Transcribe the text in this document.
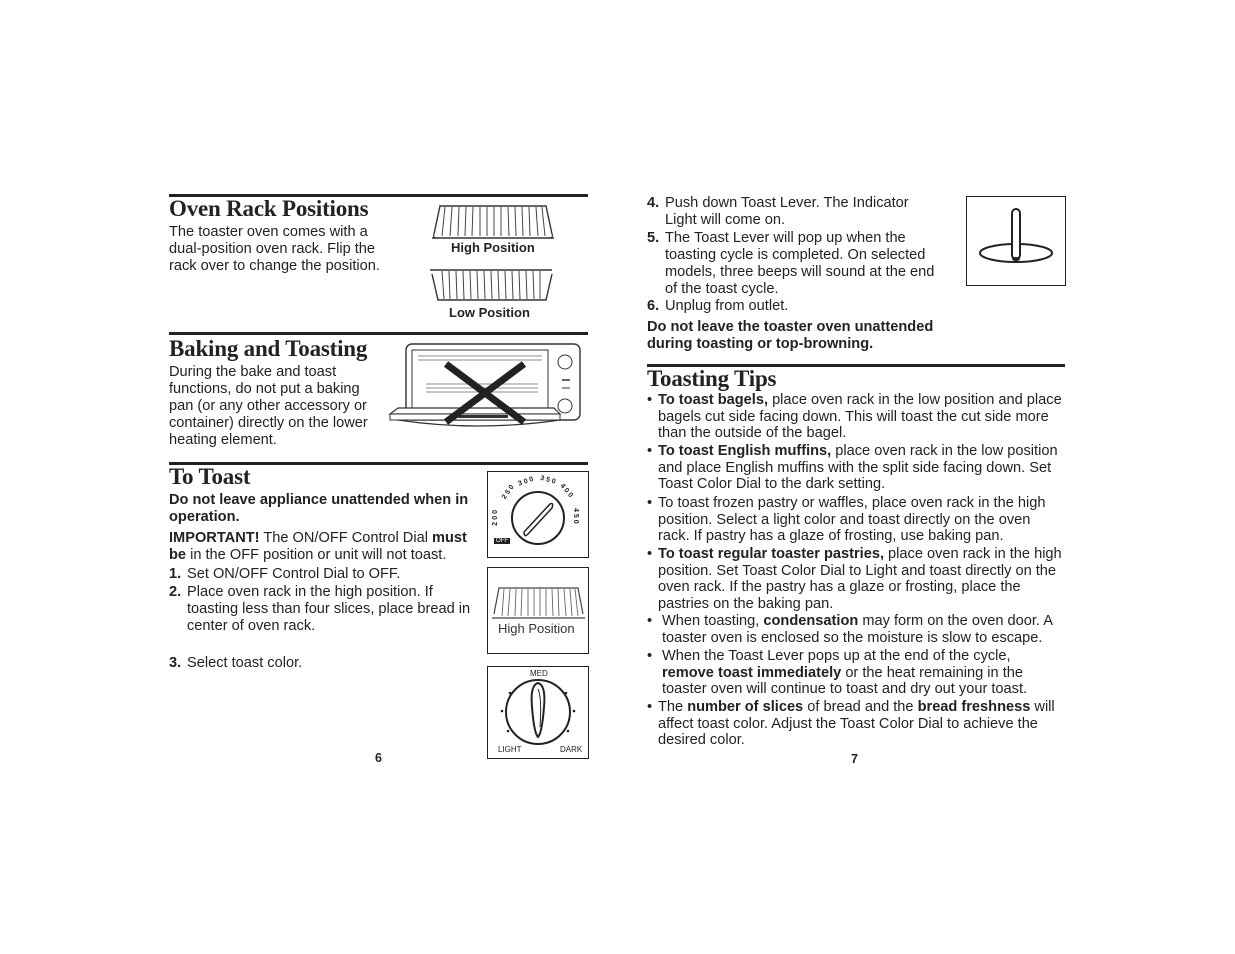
Oven Rack Positions
The toaster oven comes with a dual-position oven rack. Flip the rack over to change the position.
High Position
Low Position
Baking and Toasting
During the bake and toast functions, do not put a baking pan (or any other accessory or container) directly on the lower heating element.
To Toast
Do not leave appliance unattended when in operation.
IMPORTANT! The ON/OFF Control Dial must be in the OFF position or unit will not toast.
1. Set ON/OFF Control Dial to OFF.
2. Place oven rack in the high position. If toasting less than four slices, place bread in center of oven rack.
3. Select toast color.
200
250
300 350
400
450
OFF
High Position
MED
LIGHT	DARK
6
4. Push down Toast Lever. The Indicator Light will come on.
5. The Toast Lever will pop up when the toasting cycle is completed. On selected models, three beeps will sound at the end of the toast cycle.
6. Unplug from outlet.
Do not leave the toaster oven unattended during toasting or top-browning.
Toasting Tips
• To toast bagels, place oven rack in the low position and place bagels cut side facing down. This will toast the cut side more than the outside of the bagel.
• To toast English muffins, place oven rack in the low position and place English muffins with the split side facing down. Set Toast Color Dial to the dark setting.
• To toast frozen pastry or waffles, place oven rack in the high position. Select a light color and toast directly on the oven rack. If pastry has a glaze of frosting, use baking pan.
• To toast regular toaster pastries, place oven rack in the high position. Set Toast Color Dial to Light and toast directly on the oven rack. If the pastry has a glaze or frosting, place the pastries on the baking pan.
• When toasting, condensation may form on the oven door. A toaster oven is enclosed so the moisture is slow to escape.
• When the Toast Lever pops up at the end of the cycle, remove toast immediately or the heat remaining in the toaster oven will continue to toast and dry out your toast.
• The number of slices of bread and the bread freshness will affect toast color. Adjust the Toast Color Dial to achieve the desired color.
7
